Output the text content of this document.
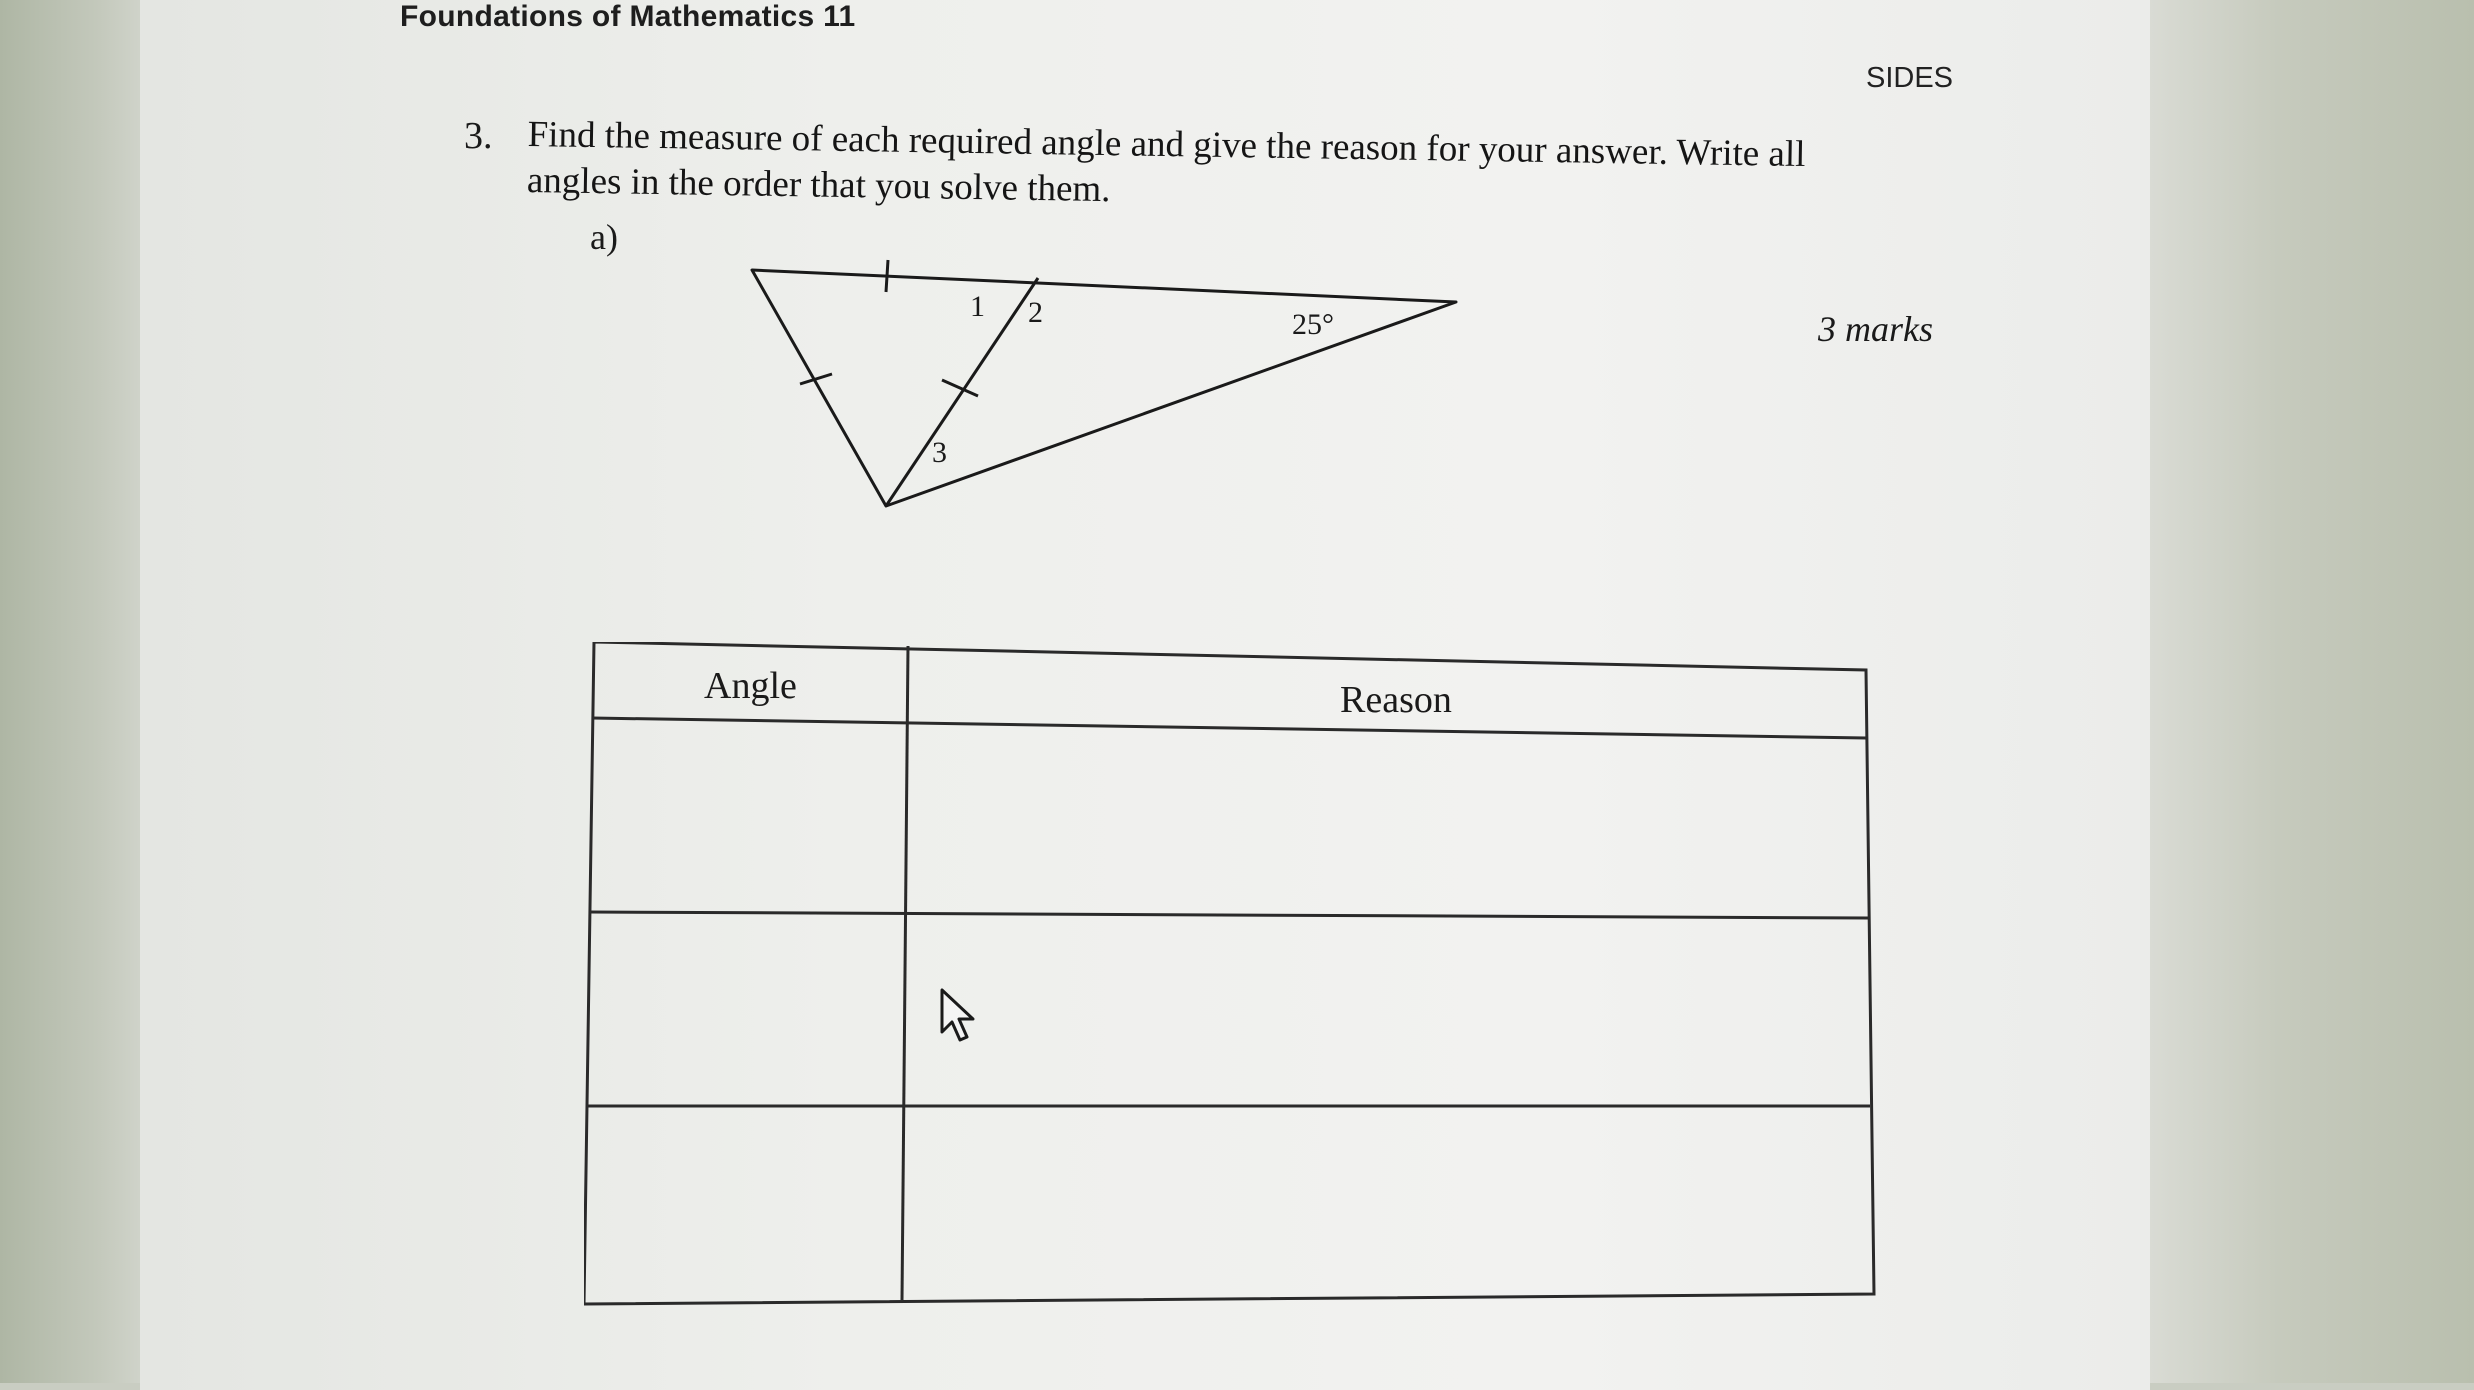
Foundations of Mathematics 11
SIDES
3. Find the measure of each required angle and give the reason for your answer. Write all angles in the order that you solve them.

a)
3 marks
1 2	25°
3
Angle	Reason
